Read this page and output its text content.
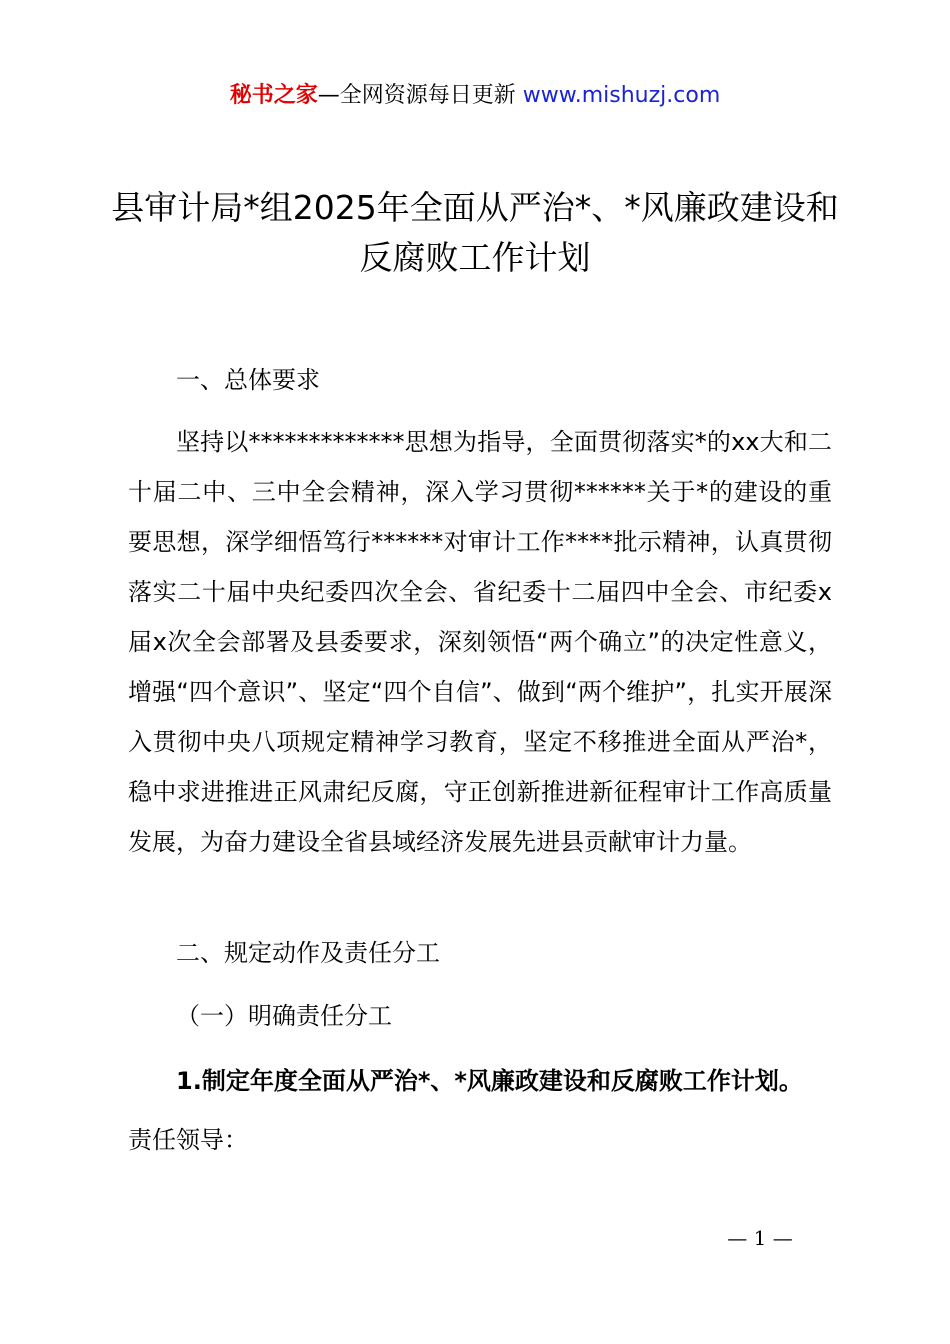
秘书之家—全网资源每日更新 www.mishuzj.com
县审计局*组2025年全面从严治*、*风廉政建设和反腐败工作计划
一、总体要求
坚持以*************思想为指导，全面贯彻落实*的xx大和二十届二中、三中全会精神，深入学习贯彻******关于*的建设的重要思想，深学细悟笃行******对审计工作****批示精神，认真贯彻落实二十届中央纪委四次全会、省纪委十二届四中全会、市纪委x届x次全会部署及县委要求，深刻领悟“两个确立”的决定性意义，增强“四个意识”、坚定“四个自信”、做到“两个维护”，扎实开展深入贯彻中央八项规定精神学习教育，坚定不移推进全面从严治*，稳中求进推进正风肃纪反腐，守正创新推进新征程审计工作高质量发展，为奋力建设全省县域经济发展先进县贡献审计力量。
二、规定动作及责任分工
（一）明确责任分工
1.制定年度全面从严治*、*风廉政建设和反腐败工作计划。
责任领导：
— 1 —
